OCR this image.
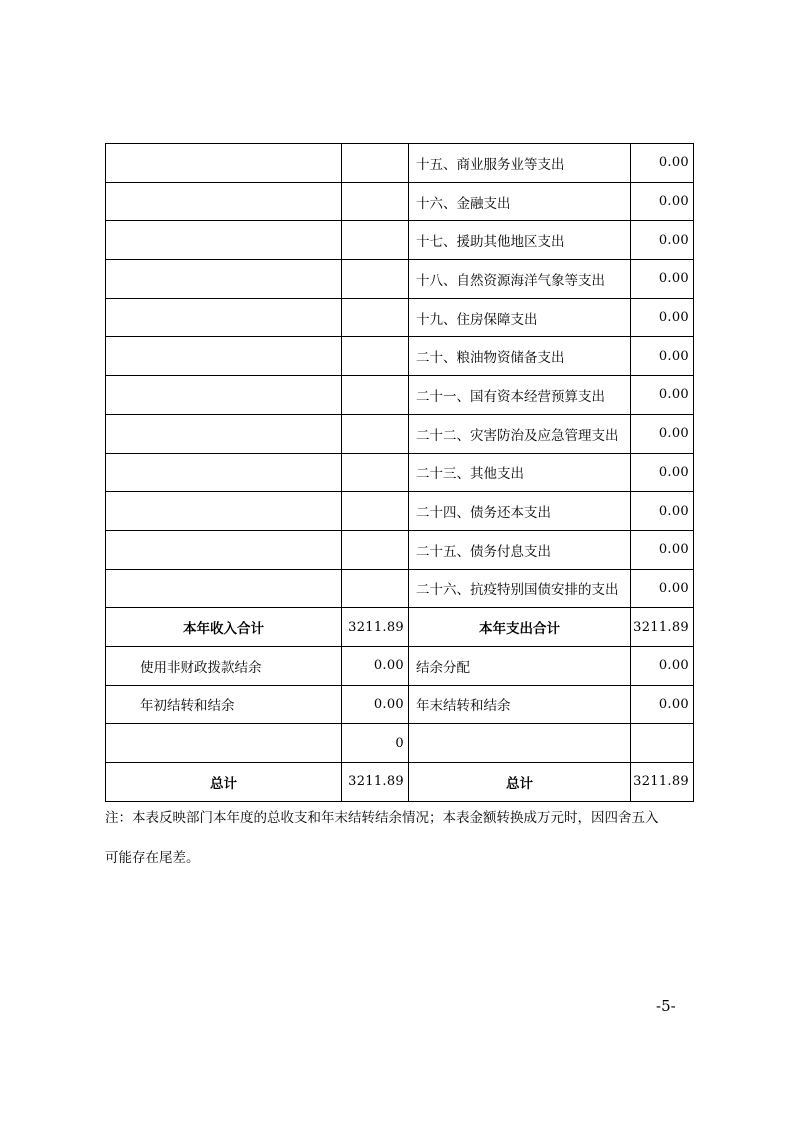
		十五、商业服务业等支出	0.00
		十六、金融支出	0.00
		十七、援助其他地区支出	0.00
		十八、自然资源海洋气象等支出	0.00
		十九、住房保障支出	0.00
		二十、粮油物资储备支出	0.00
		二十一、国有资本经营预算支出	0.00
		二十二、灾害防治及应急管理支出	0.00
		二十三、其他支出	0.00
		二十四、债务还本支出	0.00
		二十五、债务付息支出	0.00
		二十六、抗疫特别国债安排的支出	0.00
本年收入合计	3211.89	本年支出合计	3211.89
使用非财政拨款结余	0.00	结余分配	0.00
年初结转和结余	0.00	年末结转和结余	0.00
	0		
总计	3211.89	总计	3211.89
注：本表反映部门本年度的总收支和年末结转结余情况；本表金额转换成万元时，因四舍五入
可能存在尾差。
-5-
